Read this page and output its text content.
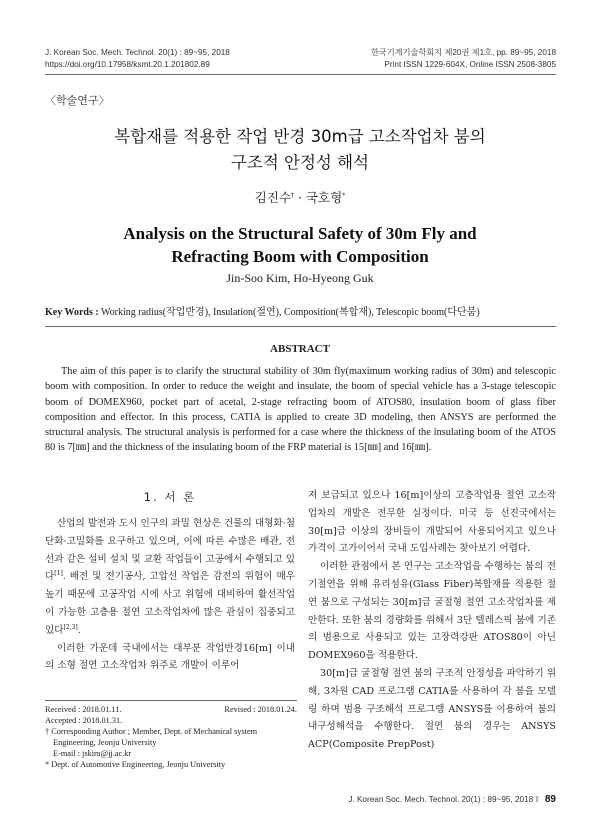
J. Korean Soc. Mech. Technol. 20(1) : 89~95, 2018
https://doi.org/10.17958/ksmt.20.1.201802.89
한국기계기술학회지 제20권 제1호, pp. 89~95, 2018
Print ISSN 1229-604X, Online ISSN 2508-3805
〈학술연구〉
복합재를 적용한 작업 반경 30m급 고소작업차 붐의
구조적 안정성 해석
김진수† · 국호형*
Analysis on the Structural Safety of 30m Fly and
Refracting Boom with Composition
Jin-Soo Kim, Ho-Hyeong Guk
Key Words : Working radius(작업반경), Insulation(절연), Composition(복합재), Telescopic boom(다단붐)
ABSTRACT
The aim of this paper is to clarify the structural stability of 30m fly(maximum working radius of 30m) and telescopic boom with composition. In order to reduce the weight and insulate, the boom of special vehicle has a 3-stage telescopic boom of DOMEX960, pocket part of acetal, 2-stage refracting boom of ATOS80, insulation boom of glass fiber composition and effector. In this process, CATIA is applied to create 3D modeling, then ANSYS are performed the structural analysis. The structural analysis is performed for a case where the thickness of the insulating boom of the ATOS 80 is 7[㎜] and the thickness of the insulating boom of the FRP material is 15[㎜] and 16[㎜].
1. 서 론

산업의 발전과 도시 인구의 과밀 현상은 건물의 대형화·첨단화·고밀화를 요구하고 있으며, 이에 따른 수많은 배관, 전선과 같은 설비 설치 및 교환 작업들이 고공에서 수행되고 있다[1]. 배전 및 전기공사, 고압선 작업은 감전의 위험이 매우 높기 때문에 고공작업 시에 사고 위험에 대비하여 활선작업이 가능한 고층용 절연 고소작업차에 많은 관심이 집중되고 있다[2,3].

이러한 가운데 국내에서는 대부분 작업반경16[m] 이내의 소형 절연 고소작업차 위주로 개발이 이루어

Received : 2018.01.11.	Revised : 2018.01.24.
Accepted : 2018.01.31.
† Corresponding Author ; Member, Dept. of Mechanical system
Engineering, Jeonju University
E-mail : jskim@jj.ac.kr
* Dept. of Automotive Engineering, Jeonju University

져 보급되고 있으나 16[m]이상의 고층작업용 절연 고소작업차의 개발은 전무한 실정이다. 미국 등 선진국에서는 30[m]급 이상의 장비들이 개발되어 사용되어지고 있으나 가격이 고가이어서 국내 도입사례는 찾아보기 어렵다.

이러한 관점에서 본 연구는 고소작업을 수행하는 붐의 전기절연을 위해 유리섬유(Glass Fiber)복합재를 적용한 절연 붐으로 구성되는 30[m]급 굴절형 절연 고소작업차를 제안한다. 또한 붐의 경량화를 위해서 3단 텔레스픽 붐에 기존의 범용으로 사용되고 있는 고장력강판 ATOS80이 아닌 DOMEX960을 적용한다.

30[m]급 굴절형 절연 붐의 구조적 안정성을 파악하기 위해, 3차원 CAD 프로그램 CATIA를 사용하여 각 붐을 모델링 하며 범용 구조해석 프로그램 ANSYS를 이용하여 붐의 내구성해석을 수행한다. 절연 붐의 경우는 ANSYS ACP(Composite PrepPost)

J. Korean Soc. Mech. Technol. 20(1) : 89~95, 2018 ‖ 89
